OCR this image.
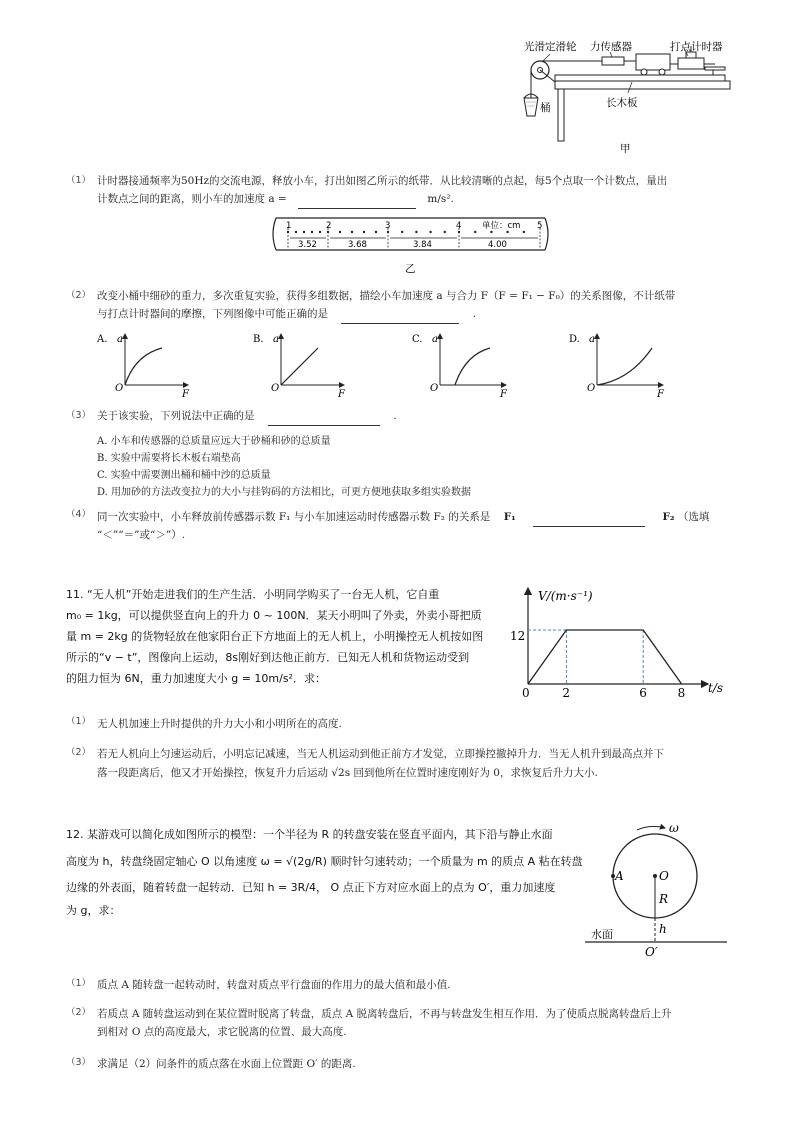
光滑定滑轮 力传感器	打点计时器
桶	长木板
甲
（1） 计时器接通频率为50Hz的交流电源，释放小车，打出如图乙所示的纸带．从比较清晰的点起，每5个点取一个计数点，量出
计数点之间的距离，则小车的加速度 a =	m/s².
1	2	3	4	5
单位：cm
3.52	3.68	3.84	4.00
乙
（2） 改变小桶中细砂的重力，多次重复实验，获得多组数据，描绘小车加速度 a 与合力 F（F = F₁ − F₀）的关系图像，不计纸带
与打点计时器间的摩擦，下列图像中可能正确的是	.
A. a
O
F
B. a
O
F
C. a
O
F
D. a
O
F
（3） 关于该实验，下列说法中正确的是	.
A. 小车和传感器的总质量应远大于砂桶和砂的总质量
B. 实验中需要将长木板右端垫高
C. 实验中需要测出桶和桶中沙的总质量
D. 用加砂的方法改变拉力的大小与挂钩码的方法相比，可更方便地获取多组实验数据
（4） 同一次实验中，小车释放前传感器示数 F₁ 与小车加速运动时传感器示数 F₂ 的关系是 F₁	F₂ （选填
“＜”“＝”或“＞”）.
11. “无人机”开始走进我们的生产生活．小明同学购买了一台无人机，它自重
m₀ = 1kg，可以提供竖直向上的升力 0 ~ 100N．某天小明叫了外卖，外卖小哥把质
量 m = 2kg 的货物轻放在他家阳台正下方地面上的无人机上，小明操控无人机按如图
所示的“v − t”，图像向上运动，8s刚好到达他正前方．已知无人机和货物运动受到
的阻力恒为 6N，重力加速度大小 g = 10m/s²．求：
V/(m·s⁻¹)
t/s
12
0	2	6	8
（1） 无人机加速上升时提供的升力大小和小明所在的高度.
（2） 若无人机向上匀速运动后，小明忘记减速，当无人机运动到他正前方才发觉，立即操控撤掉升力．当无人机升到最高点并下
落一段距离后，他又才开始操控，恢复升力后运动 √2s 回到他所在位置时速度刚好为 0，求恢复后升力大小.
12. 某游戏可以简化成如图所示的模型：一个半径为 R 的转盘安装在竖直平面内，其下沿与静止水面
高度为 h，转盘绕固定轴心 O 以角速度 ω = √(2g/R) 顺时针匀速转动；一个质量为 m 的质点 A 粘在转盘
边缘的外表面，随着转盘一起转动．已知 h = 3R/4， O 点正下方对应水面上的点为 O′，重力加速度
为 g，求：
ω
A	O
R
h
水面
O′
（1） 质点 A 随转盘一起转动时，转盘对质点平行盘面的作用力的最大值和最小值.
（2） 若质点 A 随转盘运动到在某位置时脱离了转盘，质点 A 脱离转盘后，不再与转盘发生相互作用．为了使质点脱离转盘后上升
到相对 O 点的高度最大，求它脱离的位置、最大高度.
（3） 求满足（2）问条件的质点落在水面上位置距 O′ 的距离.
